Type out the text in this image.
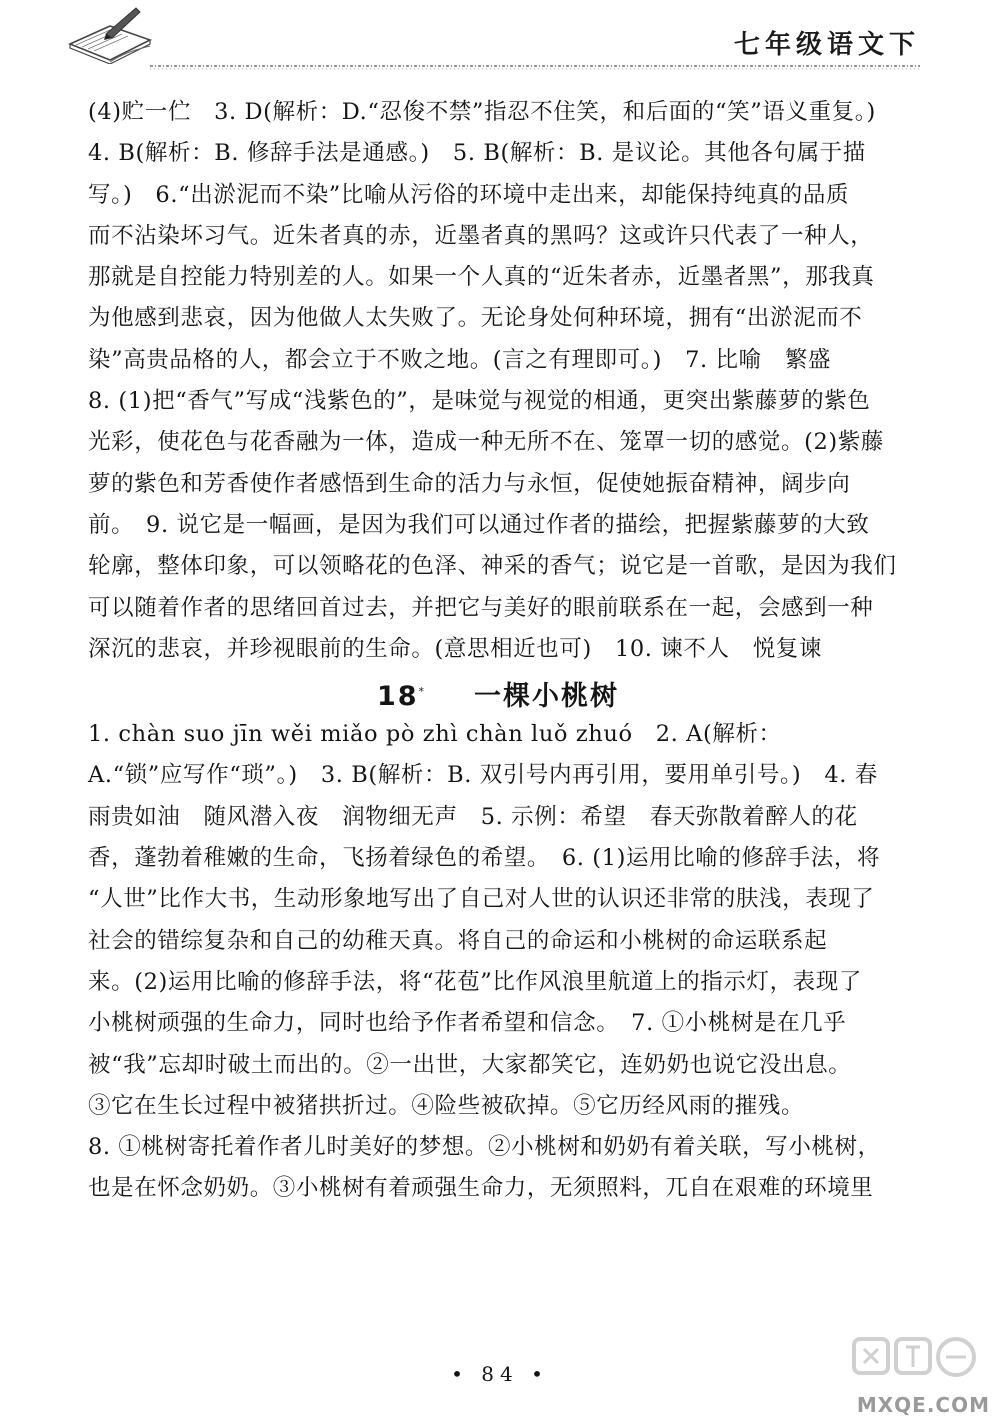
七年级语文下

(4)贮一伫　3. D(解析：D.“忍俊不禁”指忍不住笑，和后面的“笑”语义重复。)
4. B(解析：B. 修辞手法是通感。)　5. B(解析：B. 是议论。其他各句属于描
写。)　6.“出淤泥而不染”比喻从污俗的环境中走出来，却能保持纯真的品质
而不沾染坏习气。近朱者真的赤，近墨者真的黑吗？这或许只代表了一种人，
那就是自控能力特别差的人。如果一个人真的“近朱者赤，近墨者黑”，那我真
为他感到悲哀，因为他做人太失败了。无论身处何种环境，拥有“出淤泥而不
染”高贵品格的人，都会立于不败之地。(言之有理即可。)　7. 比喻　繁盛
8. (1)把“香气”写成“浅紫色的”，是味觉与视觉的相通，更突出紫藤萝的紫色
光彩，使花色与花香融为一体，造成一种无所不在、笼罩一切的感觉。(2)紫藤
萝的紫色和芳香使作者感悟到生命的活力与永恒，促使她振奋精神，阔步向
前。　9. 说它是一幅画，是因为我们可以通过作者的描绘，把握紫藤萝的大致
轮廓，整体印象，可以领略花的色泽、神采的香气；说它是一首歌，是因为我们
可以随着作者的思绪回首过去，并把它与美好的眼前联系在一起，会感到一种
深沉的悲哀，并珍视眼前的生命。(意思相近也可)　10. 谏不人　悦复谏

18* 一棵小桃树

1. chàn suo jīn wěi miǎo pò zhì chàn luǒ zhuó　2. A(解析：
A.“锁”应写作“琐”。)　3. B(解析：B. 双引号内再引用，要用单引号。)　4. 春
雨贵如油　随风潜入夜　润物细无声　5. 示例：希望　春天弥散着醉人的花
香，蓬勃着稚嫩的生命，飞扬着绿色的希望。　6. (1)运用比喻的修辞手法，将
“人世”比作大书，生动形象地写出了自己对人世的认识还非常的肤浅，表现了
社会的错综复杂和自己的幼稚天真。将自己的命运和小桃树的命运联系起
来。(2)运用比喻的修辞手法，将“花苞”比作风浪里航道上的指示灯，表现了
小桃树顽强的生命力，同时也给予作者希望和信念。　7. ①小桃树是在几乎
被“我”忘却时破土而出的。②一出世，大家都笑它，连奶奶也说它没出息。
③它在生长过程中被猪拱折过。④险些被砍掉。⑤它历经风雨的摧残。
8. ①桃树寄托着作者儿时美好的梦想。②小桃树和奶奶有着关联，写小桃树，
也是在怀念奶奶。③小桃树有着顽强生命力，无须照料，兀自在艰难的环境里

• 84 •
MXQE.COM
